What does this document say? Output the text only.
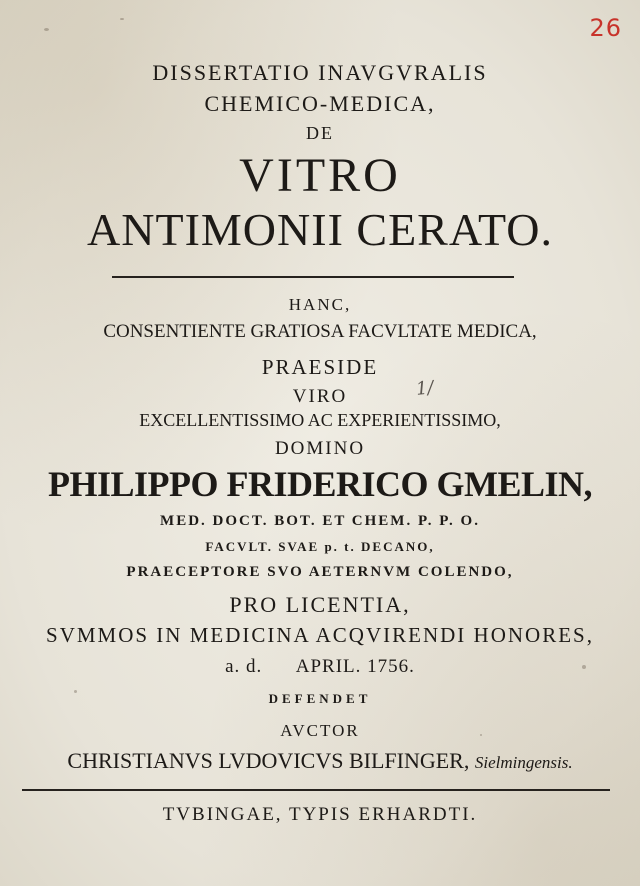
26
DISSERTATIO INAVGVRALIS
CHEMICO-MEDICA,
DE
VITRO
ANTIMONII CERATO.
HANC,
CONSENTIENTE GRATIOSA FACVLTATE MEDICA,
PRAESIDE
VIRO	1/
EXCELLENTISSIMO AC EXPERIENTISSIMO,
DOMINO
PHILIPPO FRIDERICO GMELIN,
MED. DOCT. BOT. ET CHEM. P. P. O.
FACVLT. SVAE p. t. DECANO,
PRAECEPTORE SVO AETERNVM COLENDO,
PRO LICENTIA,
SVMMOS IN MEDICINA ACQVIRENDI HONORES,
a. d.      APRIL. 1756.
DEFENDET
AVCTOR
CHRISTIANVS LVDOVICVS BILFINGER, Sielmingensis.
TVBINGAE, TYPIS ERHARDTI.
